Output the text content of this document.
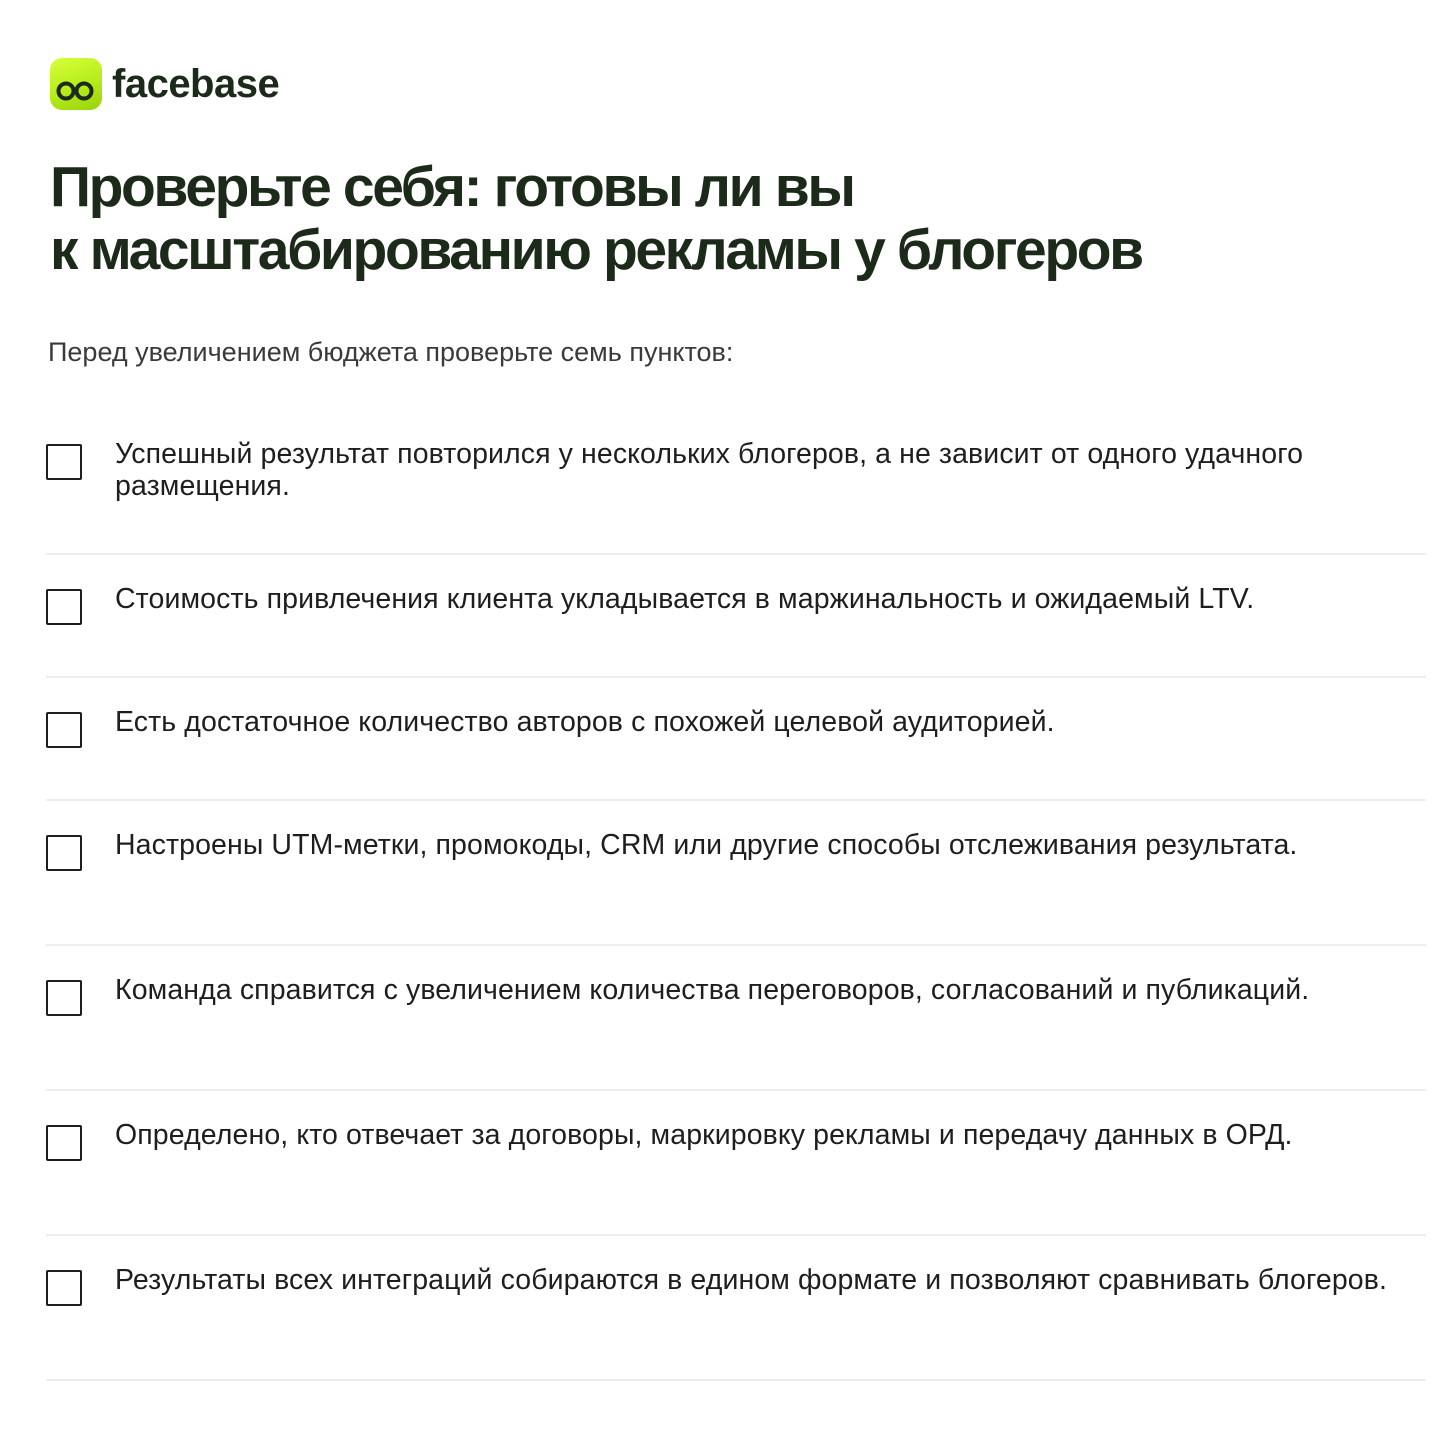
facebase
Проверьте себя: готовы ли вы
к масштабированию рекламы у блогеров

Перед увеличением бюджета проверьте семь пунктов:

Успешный результат повторился у нескольких блогеров, а не зависит от одного удачного размещения.
Стоимость привлечения клиента укладывается в маржинальность и ожидаемый LTV.
Есть достаточное количество авторов с похожей целевой аудиторией.
Настроены UTM-метки, промокоды, CRM или другие способы отслеживания результата.
Команда справится с увеличением количества переговоров, согласований и публикаций.
Определено, кто отвечает за договоры, маркировку рекламы и передачу данных в ОРД.
Результаты всех интеграций собираются в едином формате и позволяют сравнивать блогеров.
